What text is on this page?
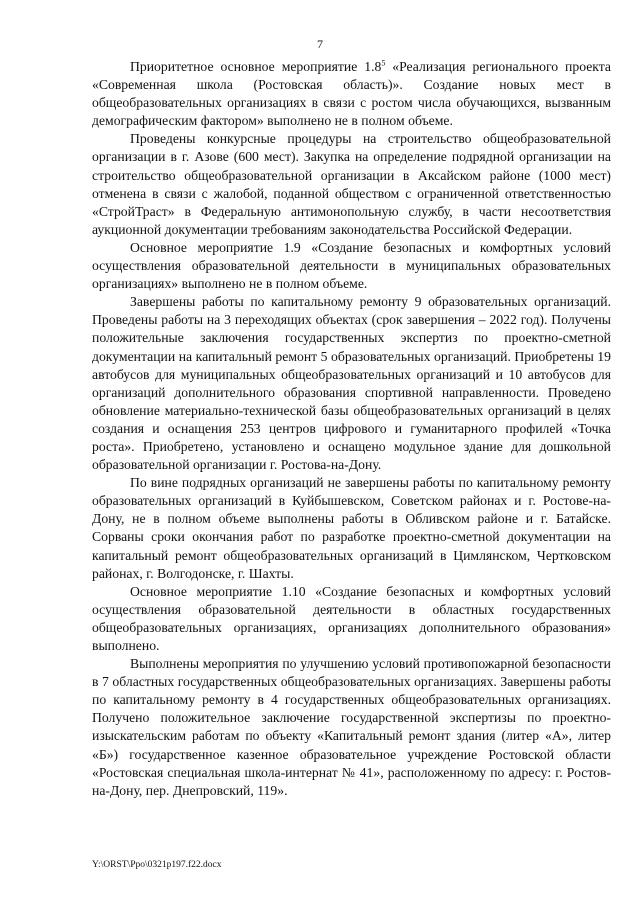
7

Приоритетное основное мероприятие $1.8^5$ «Реализация регионального проекта «Современная школа (Ростовская область)». Создание новых мест в общеобразовательных организациях в связи с ростом числа обучающихся, вызванным демографическим фактором» выполнено не в полном объеме.

Проведены конкурсные процедуры на строительство общеобразовательной организации в г. Азове (600 мест). Закупка на определение подрядной организации на строительство общеобразовательной организации в Аксайском районе (1000 мест) отменена в связи с жалобой, поданной обществом с ограниченной ответственностью «СтройТраст» в Федеральную антимонопольную службу, в части несоответствия аукционной документации требованиям законодательства Российской Федерации.

Основное мероприятие 1.9 «Создание безопасных и комфортных условий осуществления образовательной деятельности в муниципальных образовательных организациях» выполнено не в полном объеме.

Завершены работы по капитальному ремонту 9 образовательных организаций. Проведены работы на 3 переходящих объектах (срок завершения – 2022 год). Получены положительные заключения государственных экспертиз по проектно-сметной документации на капитальный ремонт 5 образовательных организаций. Приобретены 19 автобусов для муниципальных общеобразовательных организаций и 10 автобусов для организаций дополнительного образования спортивной направленности. Проведено обновление материально-технической базы общеобразовательных организаций в целях создания и оснащения 253 центров цифрового и гуманитарного профилей «Точка роста». Приобретено, установлено и оснащено модульное здание для дошкольной образовательной организации г. Ростова-на-Дону.

По вине подрядных организаций не завершены работы по капитальному ремонту образовательных организаций в Куйбышевском, Советском районах и г. Ростове-на-Дону, не в полном объеме выполнены работы в Обливском районе и г. Батайске. Сорваны сроки окончания работ по разработке проектно-сметной документации на капитальный ремонт общеобразовательных организаций в Цимлянском, Чертковском районах, г. Волгодонске, г. Шахты.

Основное мероприятие 1.10 «Создание безопасных и комфортных условий осуществления образовательной деятельности в областных государственных общеобразовательных организациях, организациях дополнительного образования» выполнено.

Выполнены мероприятия по улучшению условий противопожарной безопасности в 7 областных государственных общеобразовательных организациях. Завершены работы по капитальному ремонту в 4 государственных общеобразовательных организациях. Получено положительное заключение государственной экспертизы по проектно-изыскательским работам по объекту «Капитальный ремонт здания (литер «А», литер «Б») государственное казенное образовательное учреждение Ростовской области «Ростовская специальная школа-интернат № 41», расположенному по адресу: г. Ростов-на-Дону, пер. Днепровский, 119».

Y:\ORST\Ppo\0321p197.f22.docx
